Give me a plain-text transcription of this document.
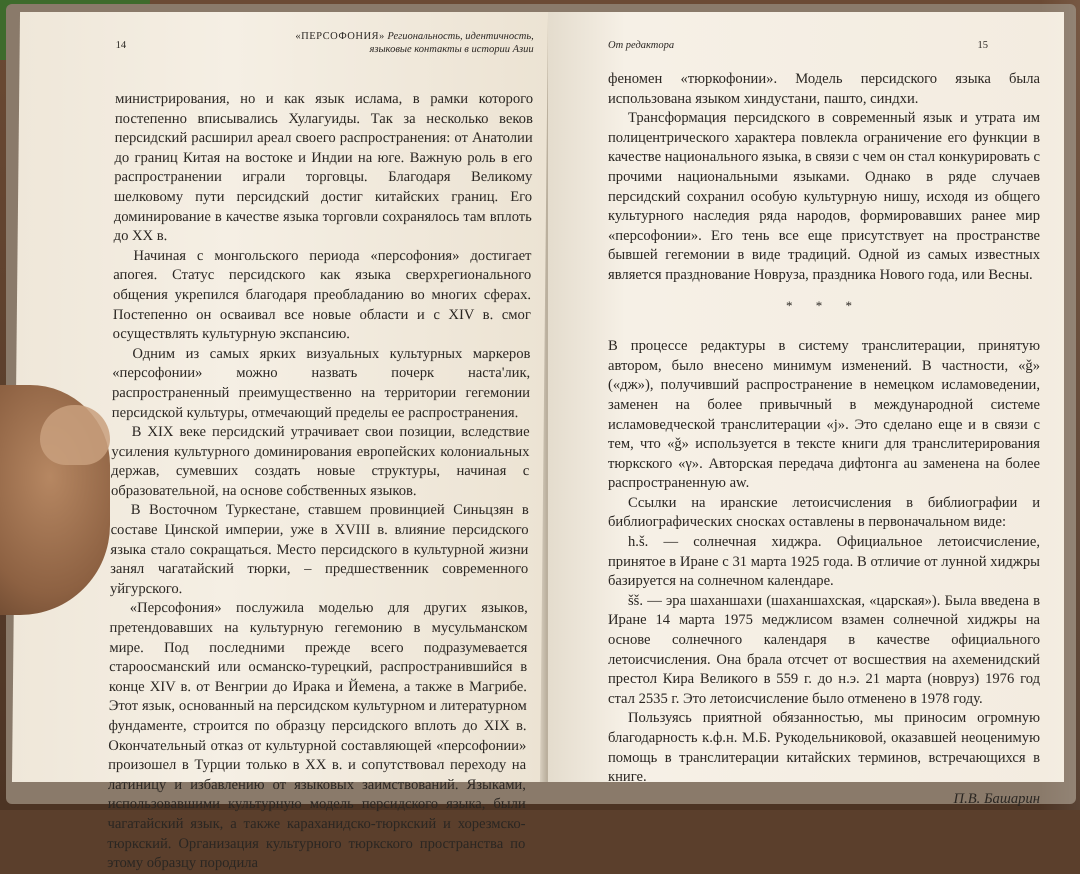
«ПЕРСОФОНИЯ» Региональность, идентичность,
языковые контакты в истории Азии
14

министрирования, но и как язык ислама, в рамки которого постепенно вписывались Хулагуиды. Так за несколько веков персидский расширил ареал своего распространения: от Анатолии до границ Китая на востоке и Индии на юге. Важную роль в его распространении играли торговцы. Благодаря Великому шелковому пути персидский достиг китайских границ. Его доминирование в качестве языка торговли сохранялось там вплоть до XX в.

Начиная с монгольского периода «персофония» достигает апогея. Статус персидского как языка сверхрегионального общения укрепился благодаря преобладанию во многих сферах. Постепенно он осваивал все новые области и с XIV в. смог осуществлять культурную экспансию.

Одним из самых ярких визуальных культурных маркеров «персофонии» можно назвать почерк наста'лик, распространенный преимущественно на территории гегемонии персидской культуры, отмечающий пределы ее распространения.

В XIX веке персидский утрачивает свои позиции, вследствие усиления культурного доминирования европейских колониальных держав, сумевших создать новые структуры, начиная с образовательной, на основе собственных языков.

В Восточном Туркестане, ставшем провинцией Синьцзян в составе Цинской империи, уже в XVIII в. влияние персидского языка стало сокращаться. Место персидского в культурной жизни занял чагатайский тюрки, – предшественник современного уйгурского.

«Персофония» послужила моделью для других языков, претендовавших на культурную гегемонию в мусульманском мире. Под последними прежде всего подразумевается староосманский или османско-турецкий, распространившийся в конце XIV в. от Венгрии до Ирака и Йемена, а также в Магрибе. Этот язык, основанный на персидском культурном и литературном фундаменте, строится по образцу персидского вплоть до XIX в. Окончательный отказ от культурной составляющей «персофонии» произошел в Турции только в XX в. и сопутствовал переходу на латиницу и избавлению от языковых заимствований. Языками, использовавшими культурную модель персидского языка, были чагатайский язык, а также караханидско-тюркский и хорезмско-тюркский. Организация культурного тюркского пространства по этому образцу породила

От редактора	15

феномен «тюркофонии». Модель персидского языка была использована языком хиндустани, пашто, синдхи.

Трансформация персидского в современный язык и утрата им полицентрического характера повлекла ограничение его функции в качестве национального языка, в связи с чем он стал конкурировать с прочими национальными языками. Однако в ряде случаев персидский сохранил особую культурную нишу, исходя из общего культурного наследия ряда народов, формировавших ранее мир «персофонии». Его тень все еще присутствует на пространстве бывшей гегемонии в виде традиций. Одной из самых известных является празднование Новруза, праздника Нового года, или Весны.

* * *

В процессе редактуры в систему транслитерации, принятую автором, было внесено минимум изменений. В частности, «ǧ» («дж»), получивший распространение в немецком исламоведении, заменен на более привычный в международной системе исламоведческой транслитерации «j». Это сделано еще и в связи с тем, что «ǧ» используется в тексте книги для транслитерирования тюркского «γ». Авторская передача дифтонга au заменена на более распространенную aw.

Ссылки на иранские летоисчисления в библиографии и библиографических сносках оставлены в первоначальном виде:

h.š. — солнечная хиджра. Официальное летоисчисление, принятое в Иране с 31 марта 1925 года. В отличие от лунной хиджры базируется на солнечном календаре.

šš. — эра шаханшахи (шаханшахская, «царская»). Была введена в Иране 14 марта 1975 меджлисом взамен солнечной хиджры на основе солнечного календаря в качестве официального летоисчисления. Она брала отсчет от восшествия на ахеменидский престол Кира Великого в 559 г. до н.э. 21 марта (новруз) 1976 год стал 2535 г. Это летоисчисление было отменено в 1978 году.

Пользуясь приятной обязанностью, мы приносим огромную благодарность к.ф.н. М.Б. Рукодельниковой, оказавшей неоценимую помощь в транслитерации китайских терминов, встречающихся в книге.

П.В. Башарин
